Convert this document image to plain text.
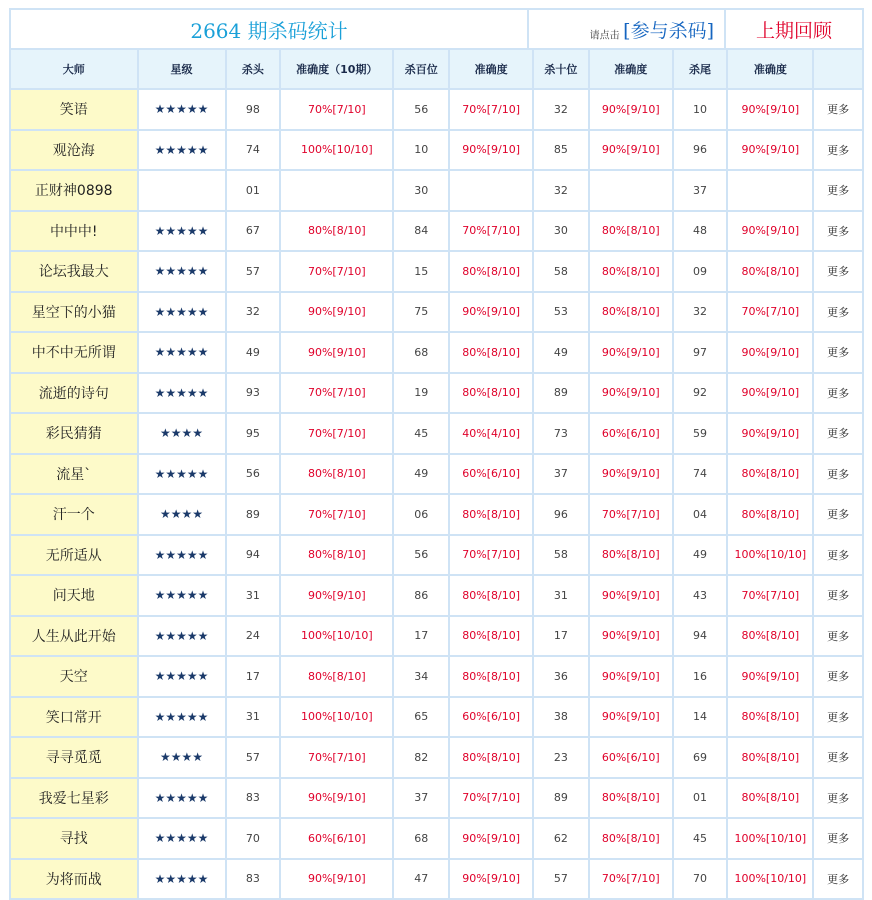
2664 期杀码统计	请点击 [参与杀码]	上期回顾
大师	星级	杀头	准确度（10期）	杀百位	准确度	杀十位	准确度	杀尾	准确度	
笑语	★★★★★	98	70%[7/10]	56	70%[7/10]	32	90%[9/10]	10	90%[9/10]	更多
观沧海	★★★★★	74	100%[10/10]	10	90%[9/10]	85	90%[9/10]	96	90%[9/10]	更多
正财神0898		01		30		32		37		更多
中中中!	★★★★★	67	80%[8/10]	84	70%[7/10]	30	80%[8/10]	48	90%[9/10]	更多
论坛我最大	★★★★★	57	70%[7/10]	15	80%[8/10]	58	80%[8/10]	09	80%[8/10]	更多
星空下的小猫	★★★★★	32	90%[9/10]	75	90%[9/10]	53	80%[8/10]	32	70%[7/10]	更多
中不中无所谓	★★★★★	49	90%[9/10]	68	80%[8/10]	49	90%[9/10]	97	90%[9/10]	更多
流逝的诗句	★★★★★	93	70%[7/10]	19	80%[8/10]	89	90%[9/10]	92	90%[9/10]	更多
彩民猜猜	★★★★	95	70%[7/10]	45	40%[4/10]	73	60%[6/10]	59	90%[9/10]	更多
流星`	★★★★★	56	80%[8/10]	49	60%[6/10]	37	90%[9/10]	74	80%[8/10]	更多
汗一个	★★★★	89	70%[7/10]	06	80%[8/10]	96	70%[7/10]	04	80%[8/10]	更多
无所适从	★★★★★	94	80%[8/10]	56	70%[7/10]	58	80%[8/10]	49	100%[10/10]	更多
问天地	★★★★★	31	90%[9/10]	86	80%[8/10]	31	90%[9/10]	43	70%[7/10]	更多
人生从此开始	★★★★★	24	100%[10/10]	17	80%[8/10]	17	90%[9/10]	94	80%[8/10]	更多
天空	★★★★★	17	80%[8/10]	34	80%[8/10]	36	90%[9/10]	16	90%[9/10]	更多
笑口常开	★★★★★	31	100%[10/10]	65	60%[6/10]	38	90%[9/10]	14	80%[8/10]	更多
寻寻觅觅	★★★★	57	70%[7/10]	82	80%[8/10]	23	60%[6/10]	69	80%[8/10]	更多
我爱七星彩	★★★★★	83	90%[9/10]	37	70%[7/10]	89	80%[8/10]	01	80%[8/10]	更多
寻找	★★★★★	70	60%[6/10]	68	90%[9/10]	62	80%[8/10]	45	100%[10/10]	更多
为将而战	★★★★★	83	90%[9/10]	47	90%[9/10]	57	70%[7/10]	70	100%[10/10]	更多
